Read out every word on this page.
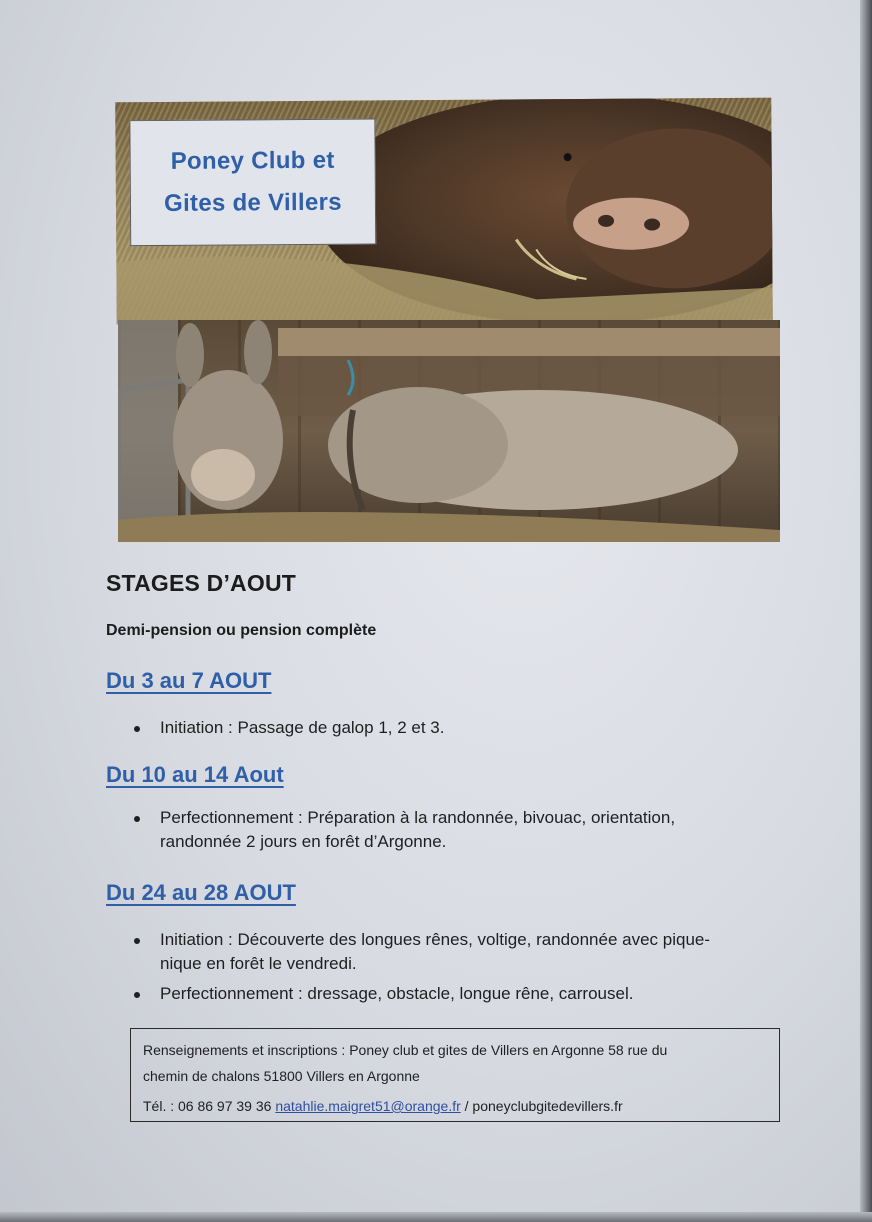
Poney Club et
Gites de Villers
STAGES D’AOUT
Demi-pension ou pension complète
Du 3 au 7 AOUT
Initiation : Passage de galop 1, 2 et 3.
Du 10 au 14 Aout
Perfectionnement : Préparation à la randonnée, bivouac, orientation, randonnée 2 jours en forêt d’Argonne.
Du 24 au 28 AOUT
Initiation : Découverte des longues rênes, voltige, randonnée avec pique-nique en forêt le vendredi.
Perfectionnement : dressage, obstacle, longue rêne, carrousel.
Renseignements et inscriptions : Poney club et gites de Villers en Argonne 58 rue du
chemin de chalons 51800 Villers en Argonne
Tél. : 06 86 97 39 36 natahlie.maigret51@orange.fr / poneyclubgitedevillers.fr
